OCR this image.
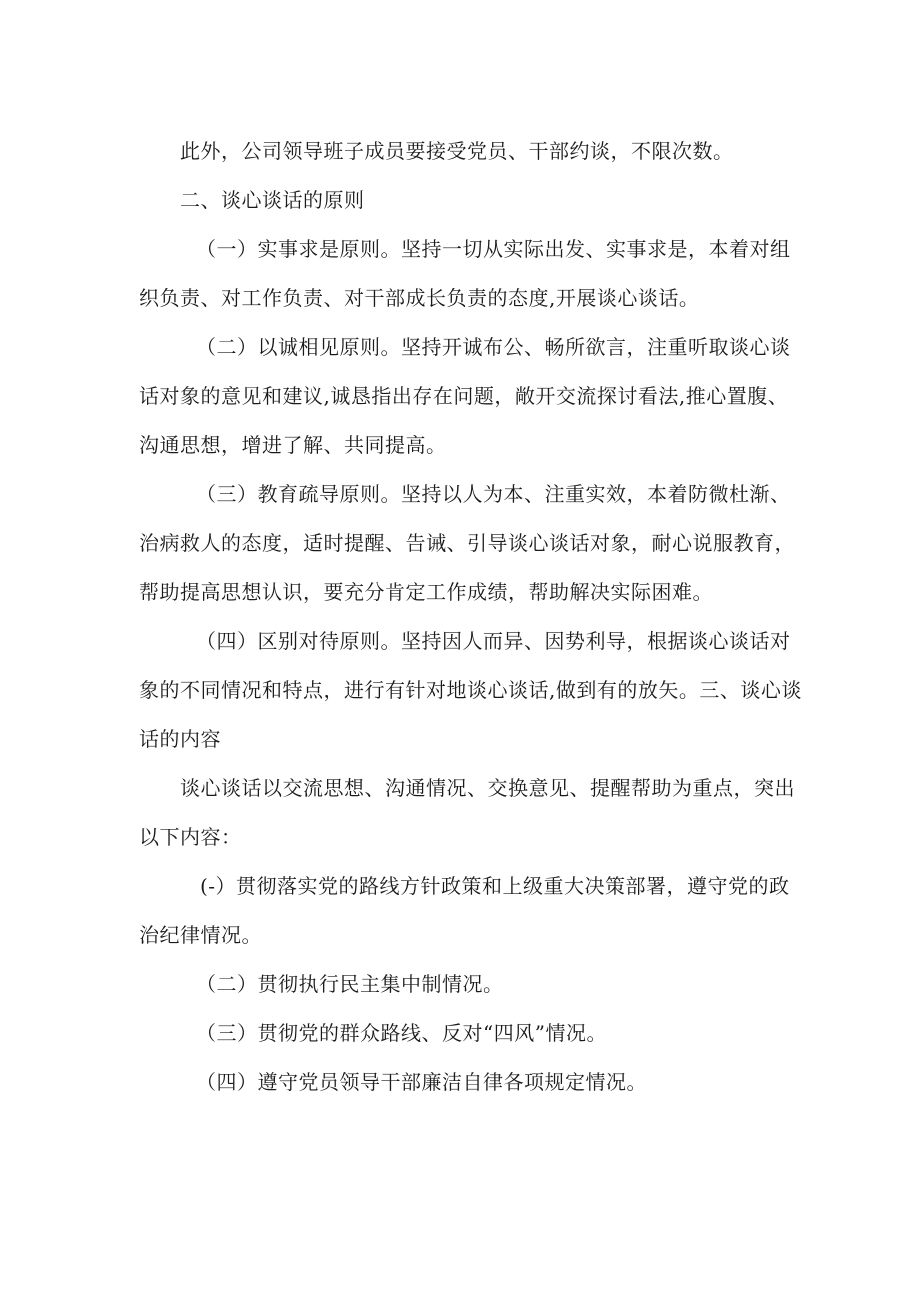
此外，公司领导班子成员要接受党员、干部约谈，不限次数。

二、谈心谈话的原则

（一）实事求是原则。坚持一切从实际出发、实事求是，本着对组

织负责、对工作负责、对干部成长负责的态度,开展谈心谈话。

（二）以诚相见原则。坚持开诚布公、畅所欲言，注重听取谈心谈

话对象的意见和建议,诚恳指出存在问题，敞开交流探讨看法,推心置腹、

沟通思想，增进了解、共同提高。

（三）教育疏导原则。坚持以人为本、注重实效，本着防微杜渐、

治病救人的态度，适时提醒、告诫、引导谈心谈话对象，耐心说服教育，

帮助提高思想认识，要充分肯定工作成绩，帮助解决实际困难。

（四）区别对待原则。坚持因人而异、因势利导，根据谈心谈话对

象的不同情况和特点，进行有针对地谈心谈话,做到有的放矢。三、谈心谈

话的内容

谈心谈话以交流思想、沟通情况、交换意见、提醒帮助为重点，突出

以下内容：

(-）贯彻落实党的路线方针政策和上级重大决策部署，遵守党的政

治纪律情况。

（二）贯彻执行民主集中制情况。

（三）贯彻党的群众路线、反对“四风”情况。

（四）遵守党员领导干部廉洁自律各项规定情况。
